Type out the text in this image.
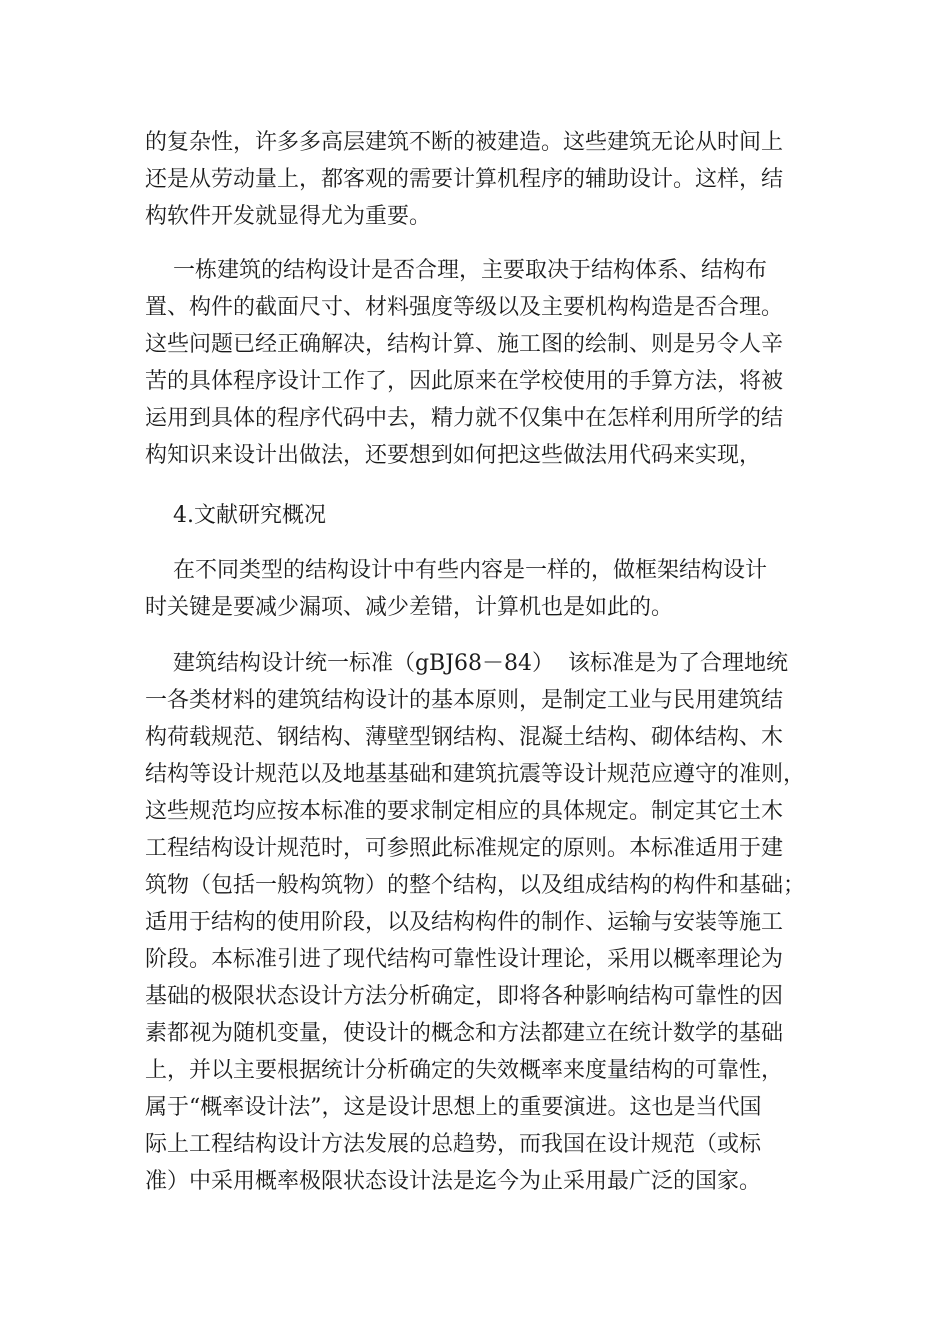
的复杂性，许多多高层建筑不断的被建造。这些建筑无论从时间上
还是从劳动量上，都客观的需要计算机程序的辅助设计。这样，结
构软件开发就显得尤为重要。
一栋建筑的结构设计是否合理，主要取决于结构体系、结构布
置、构件的截面尺寸、材料强度等级以及主要机构构造是否合理。
这些问题已经正确解决，结构计算、施工图的绘制、则是另令人辛
苦的具体程序设计工作了，因此原来在学校使用的手算方法，将被
运用到具体的程序代码中去，精力就不仅集中在怎样利用所学的结
构知识来设计出做法，还要想到如何把这些做法用代码来实现，
4.文献研究概况
在不同类型的结构设计中有些内容是一样的，做框架结构设计
时关键是要减少漏项、减少差错，计算机也是如此的。
建筑结构设计统一标准（gBJ68－84）  该标准是为了合理地统
一各类材料的建筑结构设计的基本原则，是制定工业与民用建筑结
构荷载规范、钢结构、薄壁型钢结构、混凝土结构、砌体结构、木
结构等设计规范以及地基基础和建筑抗震等设计规范应遵守的准则，
这些规范均应按本标准的要求制定相应的具体规定。制定其它土木
工程结构设计规范时，可参照此标准规定的原则。本标准适用于建
筑物（包括一般构筑物）的整个结构，以及组成结构的构件和基础；
适用于结构的使用阶段，以及结构构件的制作、运输与安装等施工
阶段。本标准引进了现代结构可靠性设计理论，采用以概率理论为
基础的极限状态设计方法分析确定，即将各种影响结构可靠性的因
素都视为随机变量，使设计的概念和方法都建立在统计数学的基础
上，并以主要根据统计分析确定的失效概率来度量结构的可靠性，
属于“概率设计法”，这是设计思想上的重要演进。这也是当代国
际上工程结构设计方法发展的总趋势，而我国在设计规范（或标
准）中采用概率极限状态设计法是迄今为止采用最广泛的国家。
